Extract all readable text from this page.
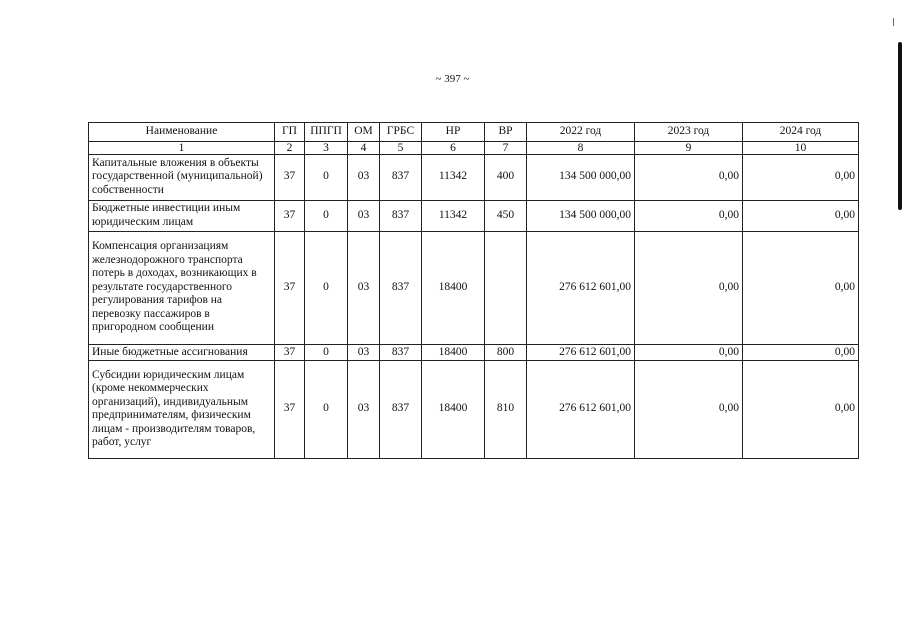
~ 397 ~
Наименование	ГП	ППГП	ОМ	ГРБС	НР	ВР	2022 год	2023 год	2024 год
1	2	3	4	5	6	7	8	9	10
Капитальные вложения в объекты государственной (муниципальной) собственности	37	0	03	837	11342	400	134 500 000,00	0,00	0,00
Бюджетные инвестиции иным юридическим лицам	37	0	03	837	11342	450	134 500 000,00	0,00	0,00
Компенсация организациям железнодорожного транспорта потерь в доходах, возникающих в результате государственного регулирования тарифов на перевозку пассажиров в пригородном сообщении	37	0	03	837	18400		276 612 601,00	0,00	0,00
Иные бюджетные ассигнования	37	0	03	837	18400	800	276 612 601,00	0,00	0,00
Субсидии юридическим лицам (кроме некоммерческих организаций), индивидуальным предпринимателям, физическим лицам - производителям товаров, работ, услуг	37	0	03	837	18400	810	276 612 601,00	0,00	0,00
